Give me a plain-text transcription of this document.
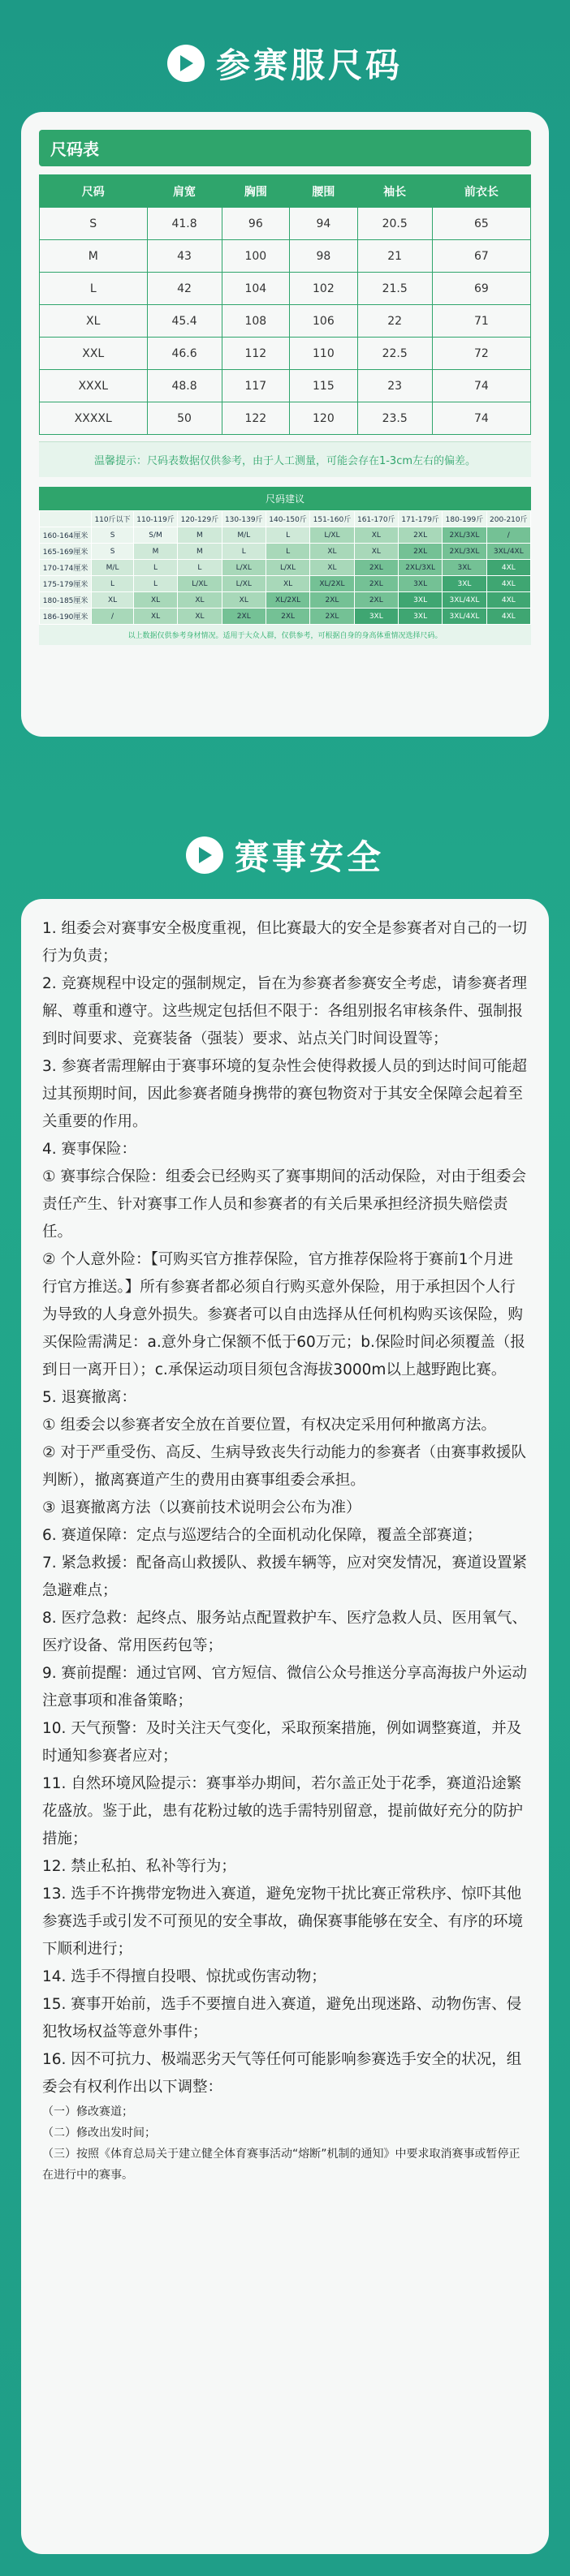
参赛服尺码
尺码表
尺码	肩宽	胸围	腰围	袖长	前衣长
S	41.8	96	94	20.5	65
M	43	100	98	21	67
L	42	104	102	21.5	69
XL	45.4	108	106	22	71
XXL	46.6	112	110	22.5	72
XXXL	48.8	117	115	23	74
XXXXL	50	122	120	23.5	74
温馨提示：尺码表数据仅供参考，由于人工测量，可能会存在1-3cm左右的偏差。
尺码建议
	110斤以下	110-119斤	120-129斤	130-139斤	140-150斤	151-160斤	161-170斤	171-179斤	180-199斤	200-210斤
160-164厘米	S	S/M	M	M/L	L	L/XL	XL	2XL	2XL/3XL	/
165-169厘米	S	M	M	L	L	XL	XL	2XL	2XL/3XL	3XL/4XL
170-174厘米	M/L	L	L	L/XL	L/XL	XL	2XL	2XL/3XL	3XL	4XL
175-179厘米	L	L	L/XL	L/XL	XL	XL/2XL	2XL	3XL	3XL	4XL
180-185厘米	XL	XL	XL	XL	XL/2XL	2XL	2XL	3XL	3XL/4XL	4XL
186-190厘米	/	XL	XL	2XL	2XL	2XL	3XL	3XL	3XL/4XL	4XL
以上数据仅供参考身材情况。适用于大众人群，仅供参考，可根据自身的身高体重情况选择尺码。
赛事安全

1. 组委会对赛事安全极度重视，但比赛最大的安全是参赛者对自己的一切行为负责；

2. 竞赛规程中设定的强制规定，旨在为参赛者参赛安全考虑，请参赛者理解、尊重和遵守。这些规定包括但不限于：各组别报名审核条件、强制报到时间要求、竞赛装备（强装）要求、站点关门时间设置等；

3. 参赛者需理解由于赛事环境的复杂性会使得救援人员的到达时间可能超过其预期时间，因此参赛者随身携带的赛包物资对于其安全保障会起着至关重要的作用。

4. 赛事保险：

① 赛事综合保险：组委会已经购买了赛事期间的活动保险，对由于组委会责任产生、针对赛事工作人员和参赛者的有关后果承担经济损失赔偿责任。

② 个人意外险：【可购买官方推荐保险，官方推荐保险将于赛前1个月进行官方推送。】所有参赛者都必须自行购买意外保险，用于承担因个人行为导致的人身意外损失。参赛者可以自由选择从任何机构购买该保险，购买保险需满足：a.意外身亡保额不低于60万元；b.保险时间必须覆盖（报到日一离开日）；c.承保运动项目须包含海拔3000m以上越野跑比赛。

5. 退赛撤离：

① 组委会以参赛者安全放在首要位置，有权决定采用何种撤离方法。

② 对于严重受伤、高反、生病导致丧失行动能力的参赛者（由赛事救援队判断），撤离赛道产生的费用由赛事组委会承担。

③ 退赛撤离方法（以赛前技术说明会公布为准）

6. 赛道保障：定点与巡逻结合的全面机动化保障，覆盖全部赛道；

7. 紧急救援：配备高山救援队、救援车辆等，应对突发情况，赛道设置紧急避难点；

8. 医疗急救：起终点、服务站点配置救护车、医疗急救人员、医用氧气、医疗设备、常用医药包等；

9. 赛前提醒：通过官网、官方短信、微信公众号推送分享高海拔户外运动注意事项和准备策略；

10. 天气预警：及时关注天气变化，采取预案措施，例如调整赛道，并及时通知参赛者应对；

11. 自然环境风险提示：赛事举办期间，若尔盖正处于花季，赛道沿途繁花盛放。鉴于此，患有花粉过敏的选手需特别留意，提前做好充分的防护措施；

12. 禁止私拍、私补等行为；

13. 选手不许携带宠物进入赛道，避免宠物干扰比赛正常秩序、惊吓其他参赛选手或引发不可预见的安全事故，确保赛事能够在安全、有序的环境下顺利进行；

14. 选手不得擅自投喂、惊扰或伤害动物；

15. 赛事开始前，选手不要擅自进入赛道，避免出现迷路、动物伤害、侵犯牧场权益等意外事件；

16. 因不可抗力、极端恶劣天气等任何可能影响参赛选手安全的状况，组委会有权利作出以下调整：

（一）修改赛道；

（二）修改出发时间；

（三）按照《体育总局关于建立健全体育赛事活动“熔断”机制的通知》中要求取消赛事或暂停正在进行中的赛事。
